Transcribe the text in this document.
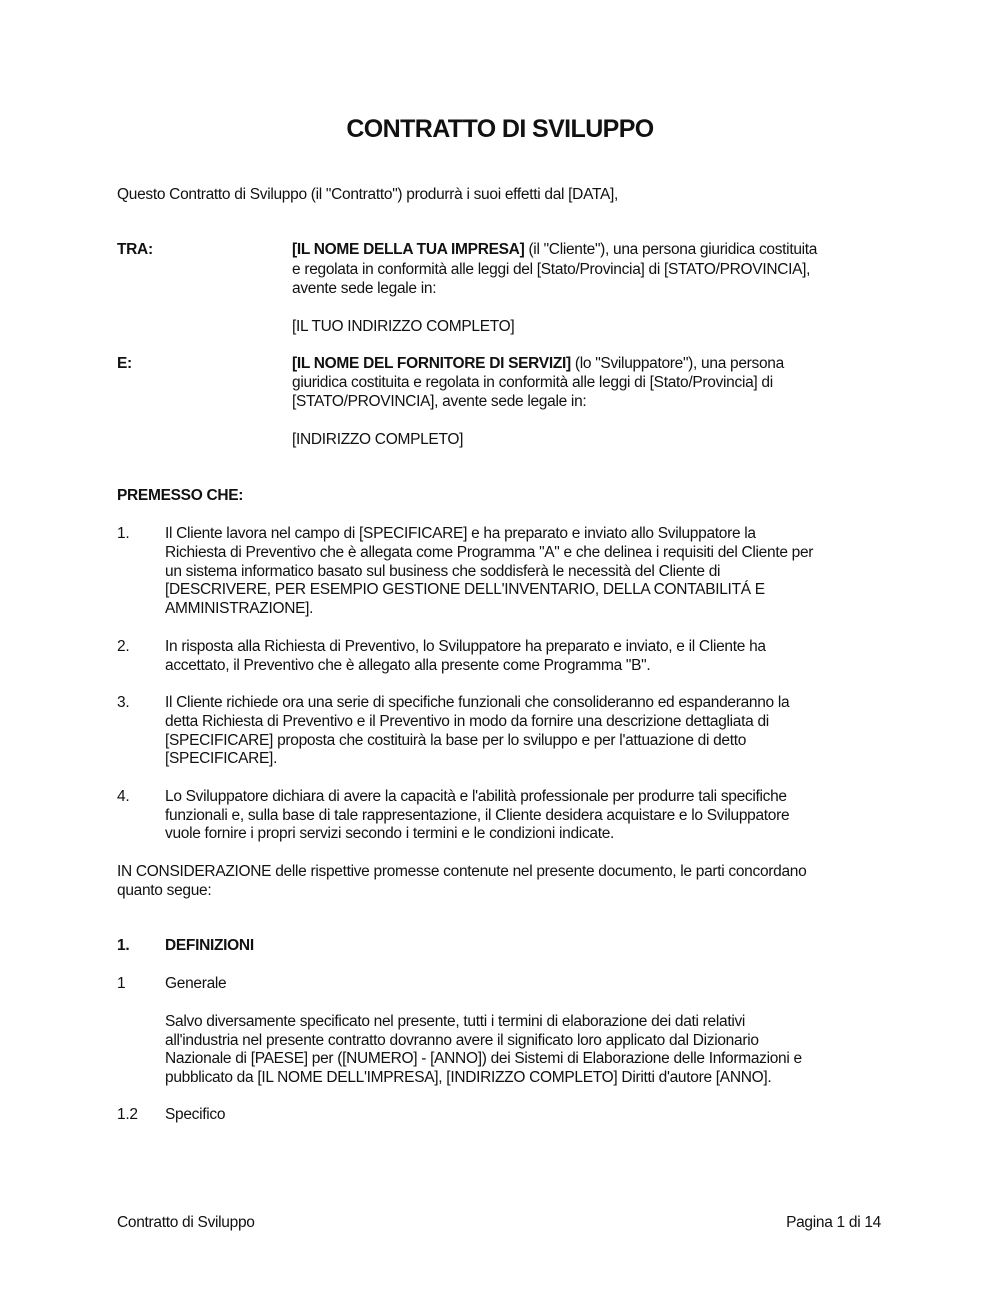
CONTRATTO DI SVILUPPO
Questo Contratto di Sviluppo (il "Contratto") produrrà i suoi effetti dal [DATA],
TRA:	[IL NOME DELLA TUA IMPRESA] (il "Cliente"), una persona giuridica costituita
e regolata in conformità alle leggi del [Stato/Provincia] di [STATO/PROVINCIA],
avente sede legale in:
[IL TUO INDIRIZZO COMPLETO]
E:	[IL NOME DEL FORNITORE DI SERVIZI] (lo "Sviluppatore"), una persona
giuridica costituita e regolata in conformità alle leggi di [Stato/Provincia] di
[STATO/PROVINCIA], avente sede legale in:
[INDIRIZZO COMPLETO]
PREMESSO CHE:
1. Il Cliente lavora nel campo di [SPECIFICARE] e ha preparato e inviato allo Sviluppatore la
Richiesta di Preventivo che è allegata come Programma "A" e che delinea i requisiti del Cliente per
un sistema informatico basato sul business che soddisferà le necessità del Cliente di
[DESCRIVERE, PER ESEMPIO GESTIONE DELL'INVENTARIO, DELLA CONTABILITÁ E
AMMINISTRAZIONE].
2. In risposta alla Richiesta di Preventivo, lo Sviluppatore ha preparato e inviato, e il Cliente ha
accettato, il Preventivo che è allegato alla presente come Programma "B".
3. Il Cliente richiede ora una serie di specifiche funzionali che consolideranno ed espanderanno la
detta Richiesta di Preventivo e il Preventivo in modo da fornire una descrizione dettagliata di
[SPECIFICARE] proposta che costituirà la base per lo sviluppo e per l'attuazione di detto
[SPECIFICARE].
4. Lo Sviluppatore dichiara di avere la capacità e l'abilità professionale per produrre tali specifiche
funzionali e, sulla base di tale rappresentazione, il Cliente desidera acquistare e lo Sviluppatore
vuole fornire i propri servizi secondo i termini e le condizioni indicate.
IN CONSIDERAZIONE delle rispettive promesse contenute nel presente documento, le parti concordano
quanto segue:
1. DEFINIZIONI
1	Generale
Salvo diversamente specificato nel presente, tutti i termini di elaborazione dei dati relativi
all'industria nel presente contratto dovranno avere il significato loro applicato dal Dizionario
Nazionale di [PAESE] per ([NUMERO] - [ANNO]) dei Sistemi di Elaborazione delle Informazioni e
pubblicato da [IL NOME DELL'IMPRESA], [INDIRIZZO COMPLETO] Diritti d'autore [ANNO].
1.2 Specifico
Contratto di Sviluppo	Pagina 1 di 14
